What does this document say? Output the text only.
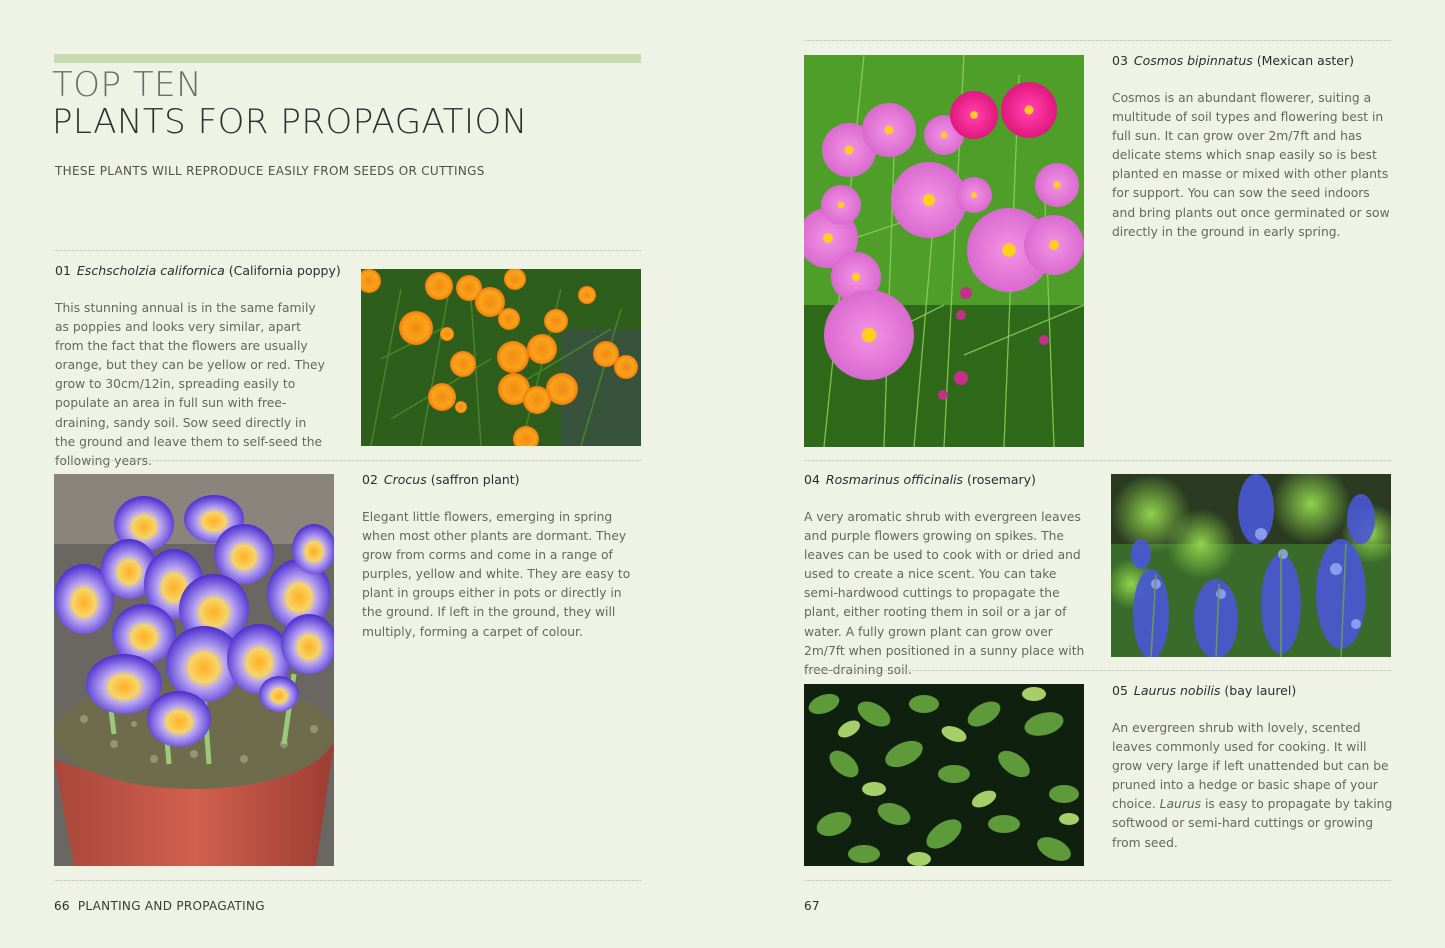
TOP TEN
PLANTS FOR PROPAGATION
THESE PLANTS WILL REPRODUCE EASILY FROM SEEDS OR CUTTINGS
01 Eschscholzia californica (California poppy)
This stunning annual is in the same family as poppies and looks very similar, apart from the fact that the flowers are usually orange, but they can be yellow or red. They grow to 30cm/12in, spreading easily to populate an area in full sun with free-draining, sandy soil. Sow seed directly in the ground and leave them to self-seed the following years.
02 Crocus (saffron plant)
Elegant little flowers, emerging in spring when most other plants are dormant. They grow from corms and come in a range of purples, yellow and white. They are easy to plant in groups either in pots or directly in the ground. If left in the ground, they will multiply, forming a carpet of colour.
66 PLANTING AND PROPAGATING
03 Cosmos bipinnatus (Mexican aster)
Cosmos is an abundant flowerer, suiting a multitude of soil types and flowering best in full sun. It can grow over 2m/7ft and has delicate stems which snap easily so is best planted en masse or mixed with other plants for support. You can sow the seed indoors and bring plants out once germinated or sow directly in the ground in early spring.
04 Rosmarinus officinalis (rosemary)
A very aromatic shrub with evergreen leaves and purple flowers growing on spikes. The leaves can be used to cook with or dried and used to create a nice scent. You can take semi-hardwood cuttings to propagate the plant, either rooting them in soil or a jar of water. A fully grown plant can grow over 2m/7ft when positioned in a sunny place with free-draining soil.
05 Laurus nobilis (bay laurel)
An evergreen shrub with lovely, scented leaves commonly used for cooking. It will grow very large if left unattended but can be pruned into a hedge or basic shape of your choice. Laurus is easy to propagate by taking softwood or semi-hard cuttings or growing from seed.
67
